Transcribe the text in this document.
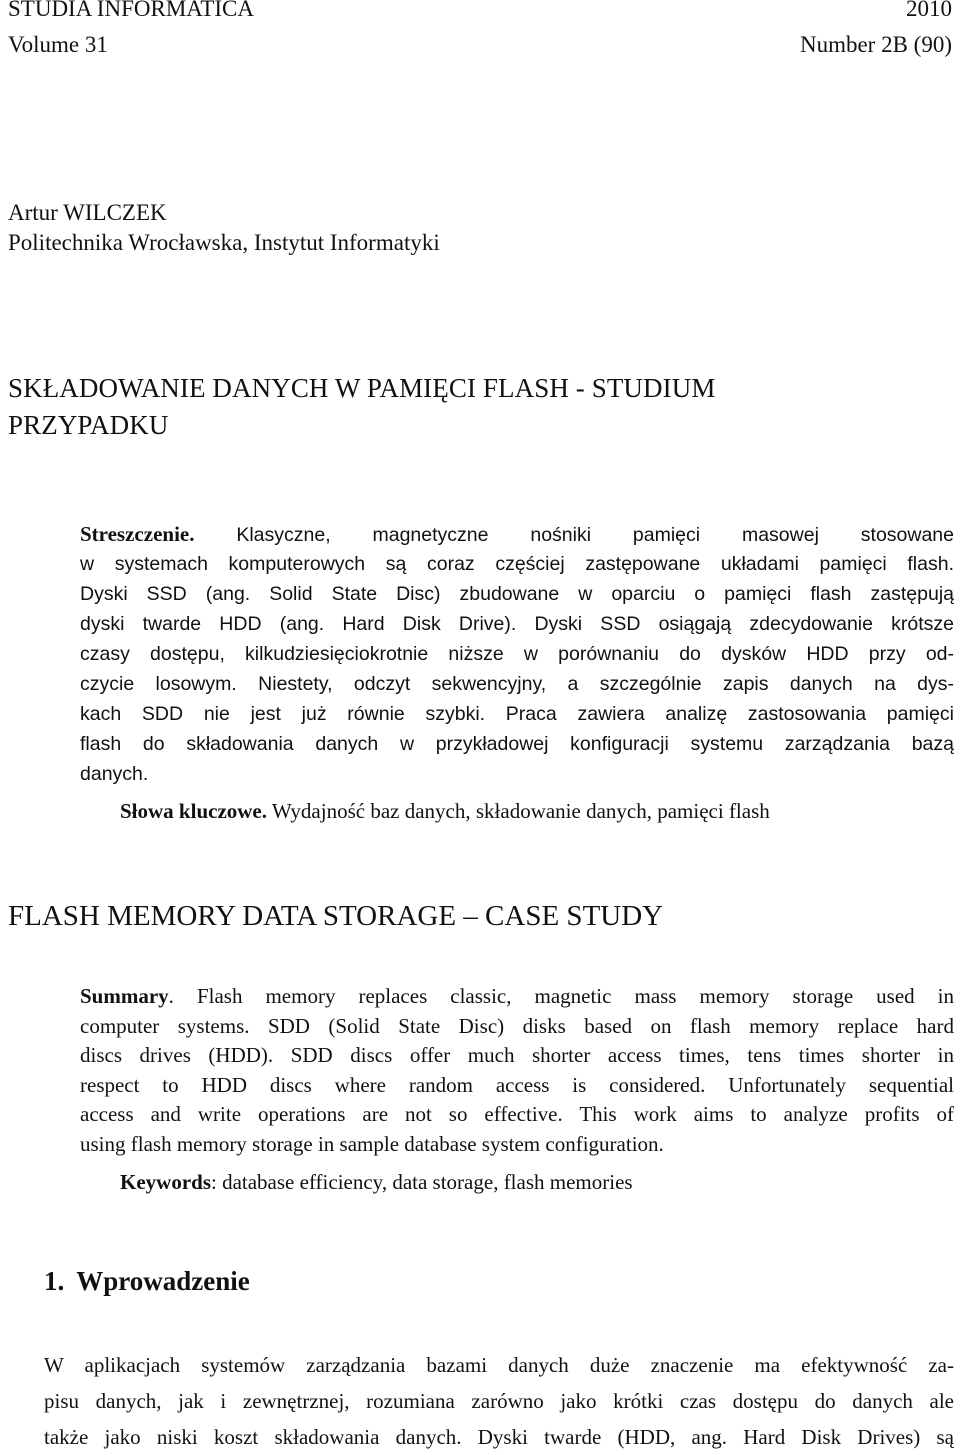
STUDIA INFORMATICA	2010
Volume 31	Number 2B (90)
Artur WILCZEK
Politechnika Wrocławska, Instytut Informatyki
SKŁADOWANIE DANYCH W PAMIĘCI FLASH - STUDIUM
PRZYPADKU
Streszczenie. Klasyczne, magnetyczne nośniki pamięci masowej stosowane
w systemach komputerowych są coraz częściej zastępowane układami pamięci flash.
Dyski SSD (ang. Solid State Disc) zbudowane w oparciu o pamięci flash zastępują
dyski twarde HDD (ang. Hard Disk Drive). Dyski SSD osiągają zdecydowanie krótsze
czasy dostępu, kilkudziesięciokrotnie niższe w porównaniu do dysków HDD przy od-
czycie losowym. Niestety, odczyt sekwencyjny, a szczególnie zapis danych na dys-
kach SDD nie jest już równie szybki. Praca zawiera analizę zastosowania pamięci
flash do składowania danych w przykładowej konfiguracji systemu zarządzania bazą
danych.
Słowa kluczowe. Wydajność baz danych, składowanie danych, pamięci flash
FLASH MEMORY DATA STORAGE – CASE STUDY
Summary. Flash memory replaces classic, magnetic mass memory storage used in
computer systems. SDD (Solid State Disc) disks based on flash memory replace hard
discs drives (HDD). SDD discs offer much shorter access times, tens times shorter in
respect to HDD discs where random access is considered. Unfortunately sequential
access and write operations are not so effective. This work aims to analyze profits of
using flash memory storage in sample database system configuration.
Keywords: database efficiency, data storage, flash memories
1. Wprowadzenie
W aplikacjach systemów zarządzania bazami danych duże znaczenie ma efektywność za-
pisu danych, jak i zewnętrznej, rozumiana zarówno jako krótki czas dostępu do danych ale
także jako niski koszt składowania danych. Dyski twarde (HDD, ang. Hard Disk Drives) są
